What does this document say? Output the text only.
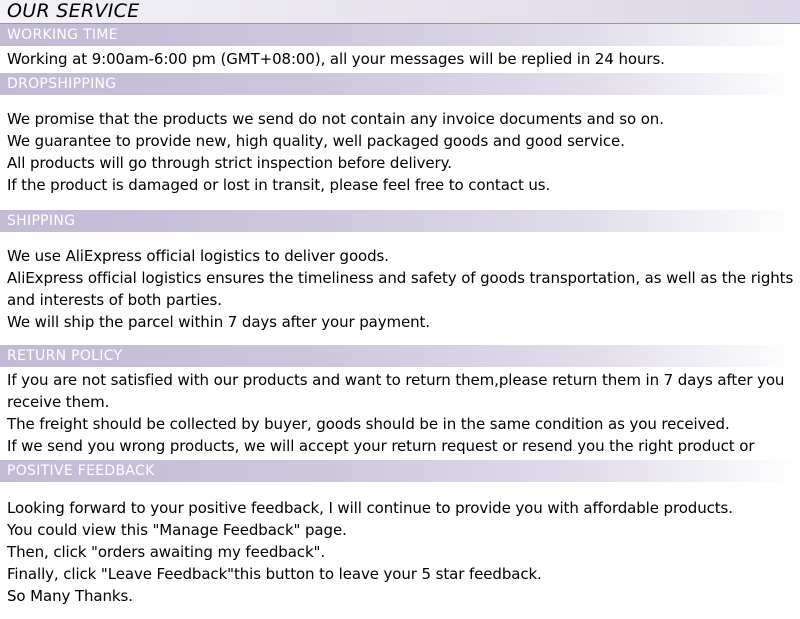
OUR SERVICE
WORKING TIME
Working at 9:00am-6:00 pm (GMT+08:00), all your messages will be replied in 24 hours.
DROPSHIPPING
We promise that the products we send do not contain any invoice documents and so on.
We guarantee to provide new, high quality, well packaged goods and good service.
All products will go through strict inspection before delivery.
If the product is damaged or lost in transit, please feel free to contact us.
SHIPPING
We use AliExpress official logistics to deliver goods.
AliExpress official logistics ensures the timeliness and safety of goods transportation, as well as the rights
and interests of both parties.
We will ship the parcel within 7 days after your payment.
RETURN POLICY
If you are not satisfied with our products and want to return them,please return them in 7 days after you
receive them.
The freight should be collected by buyer, goods should be in the same condition as you received.
If we send you wrong products, we will accept your return request or resend you the right product or
POSITIVE FEEDBACK
Looking forward to your positive feedback, I will continue to provide you with affordable products.
You could view this "Manage Feedback" page.
Then, click "orders awaiting my feedback".
Finally, click "Leave Feedback"this button to leave your 5 star feedback.
So Many Thanks.
